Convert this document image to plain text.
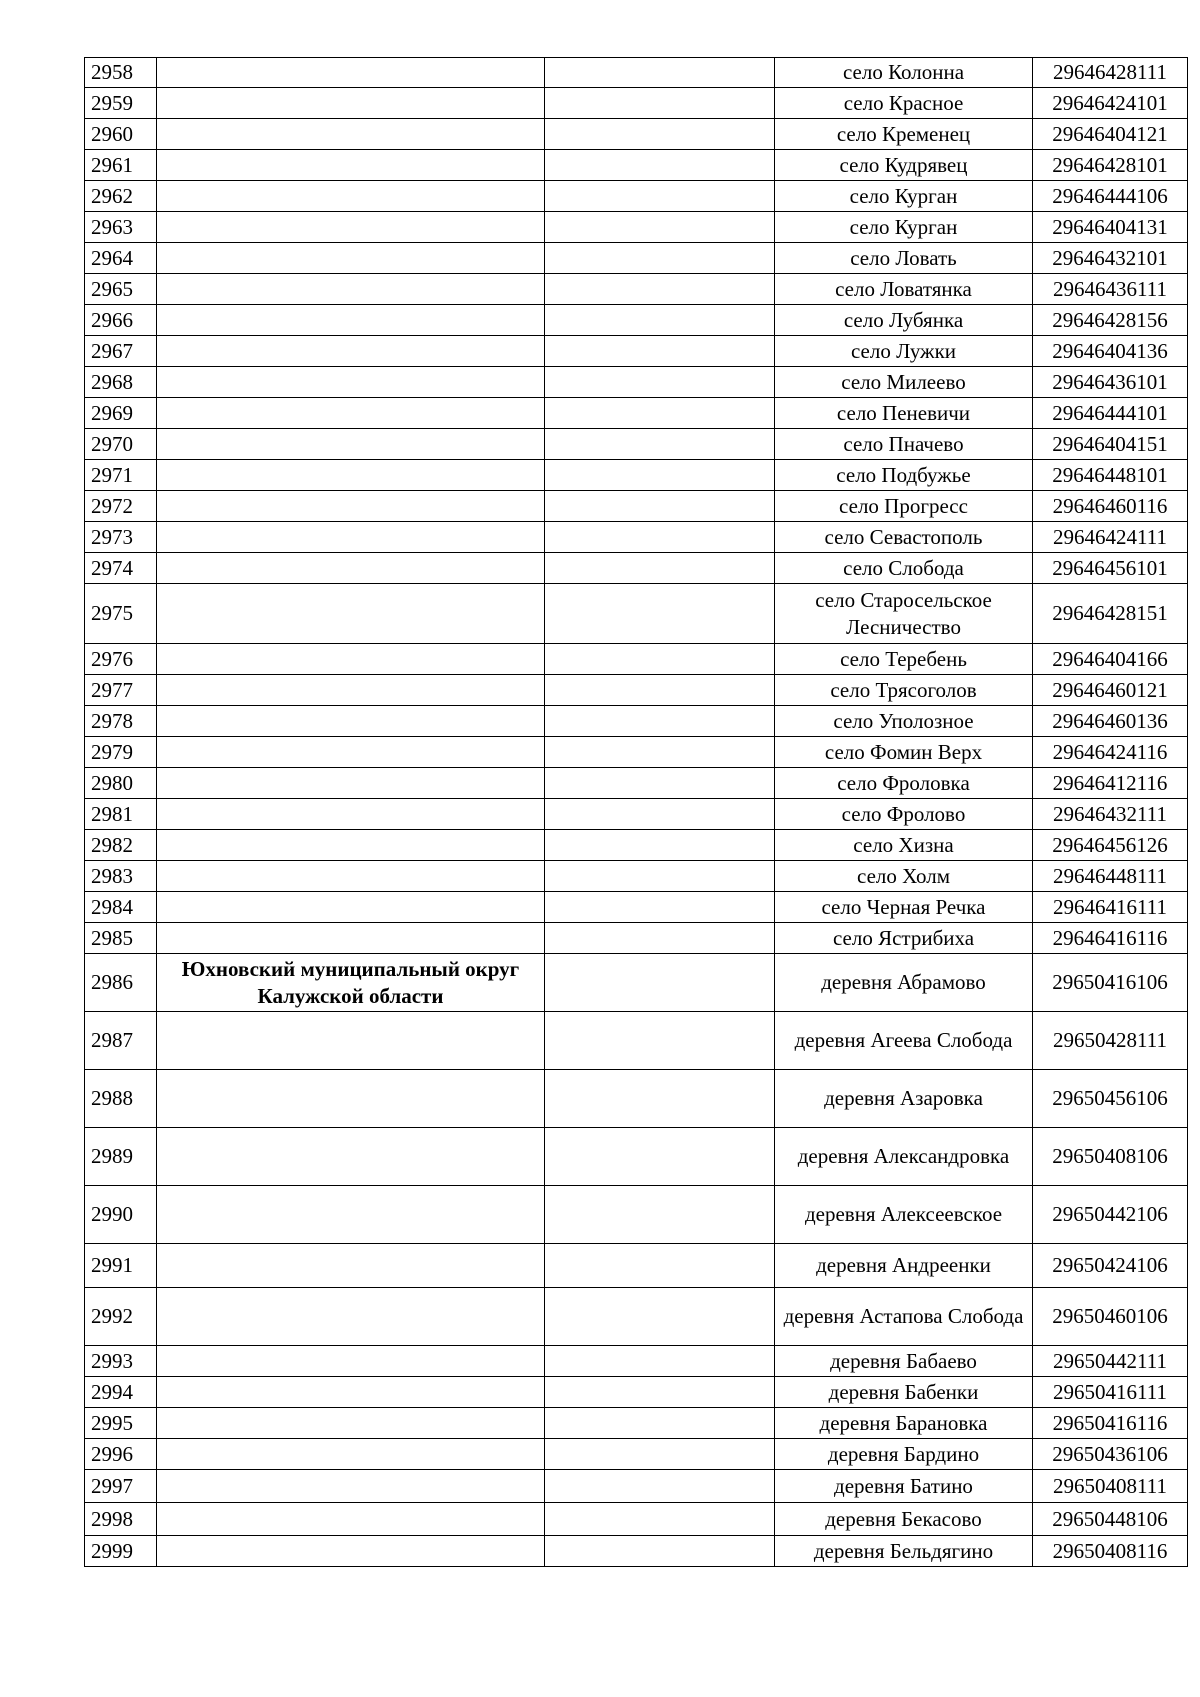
2958			село Колонна	29646428111
2959			село Красное	29646424101
2960			село Кременец	29646404121
2961			село Кудрявец	29646428101
2962			село Курган	29646444106
2963			село Курган	29646404131
2964			село Ловать	29646432101
2965			село Ловатянка	29646436111
2966			село Лубянка	29646428156
2967			село Лужки	29646404136
2968			село Милеево	29646436101
2969			село Пеневичи	29646444101
2970			село Пначево	29646404151
2971			село Подбужье	29646448101
2972			село Прогресс	29646460116
2973			село Севастополь	29646424111
2974			село Слобода	29646456101
2975			село Старосельское Лесничество	29646428151
2976			село Теребень	29646404166
2977			село Трясоголов	29646460121
2978			село Уполозное	29646460136
2979			село Фомин Верх	29646424116
2980			село Фроловка	29646412116
2981			село Фролово	29646432111
2982			село Хизна	29646456126
2983			село Холм	29646448111
2984			село Черная Речка	29646416111
2985			село Ястрибиха	29646416116
2986	Юхновский муниципальный округ Калужской области		деревня Абрамово	29650416106
2987			деревня Агеева Слобода	29650428111
2988			деревня Азаровка	29650456106
2989			деревня Александровка	29650408106
2990			деревня Алексеевское	29650442106
2991			деревня Андреенки	29650424106
2992			деревня Астапова Слобода	29650460106
2993			деревня Бабаево	29650442111
2994			деревня Бабенки	29650416111
2995			деревня Барановка	29650416116
2996			деревня Бардино	29650436106
2997			деревня Батино	29650408111
2998			деревня Бекасово	29650448106
2999			деревня Бельдягино	29650408116
